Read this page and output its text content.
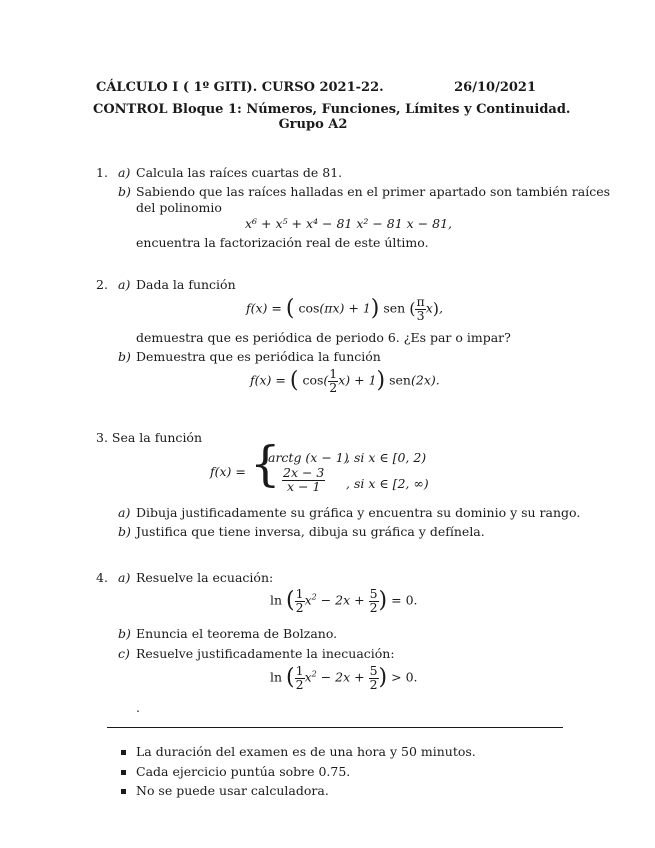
CÁLCULO I ( 1º GITI). CURSO 2021-22.	26/10/2021
CONTROL Bloque 1: Números, Funciones, Límites y Continuidad.
Grupo A2
1. a) Calcula las raíces cuartas de 81.
b) Sabiendo que las raíces halladas en el primer apartado son también raíces
del polinomio
x⁶ + x⁵ + x⁴ − 81 x² − 81 x − 81,
encuentra la factorización real de este último.
2. a) Dada la función
f(x) = ( cos(πx) + 1) sen ( $\frac{\pi}{3} x$),
demuestra que es periódica de periodo 6. ¿Es par o impar?
b) Demuestra que es periódica la función
f(x) = ( $\cos( \frac{1}{2} x) + 1$) sen(2x).
3. Sea la función
f(x) = {
arctg (x − 1)
, si x ∈ [0, 2)
$\frac{2x - 3}{x - 1}$ , si x ∈ [2, ∞)
a) Dibuja justificadamente su gráfica y encuentra su dominio y su rango.
b) Justifica que tiene inversa, dibuja su gráfica y defínela.
4. a) Resuelve la ecuación:
ln ( $\frac{1}{2} x^2 - 2x + \frac{5}{2}$ ) = 0.
b) Enuncia el teorema de Bolzano.
c) Resuelve justificadamente la inecuación:
ln ( $\frac{1}{2} x^2 - 2x + \frac{5}{2}$ ) > 0.
.
La duración del examen es de una hora y 50 minutos.
Cada ejercicio puntúa sobre 0.75.
No se puede usar calculadora.
